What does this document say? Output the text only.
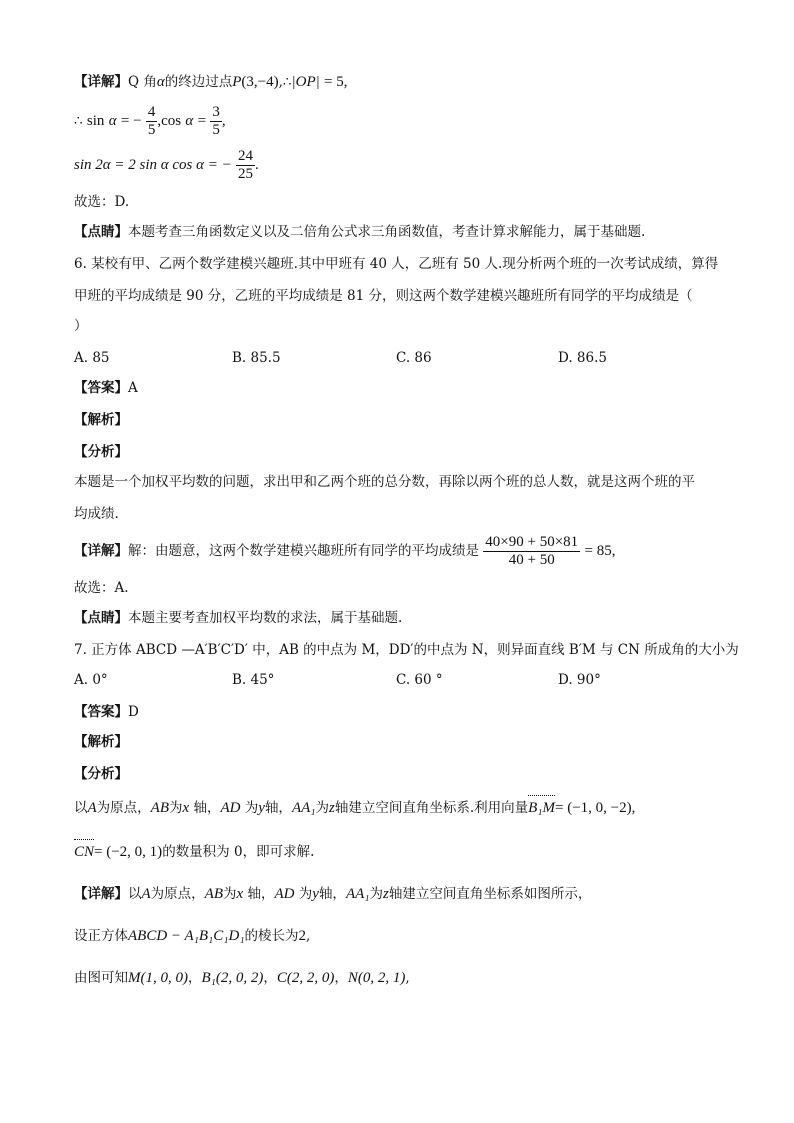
【详解】Q 角α的终边过点P(3,−4),∴|OP| = 5,
∴ sin α = − $\frac{4}{5} ,\cos$ $\alpha = \frac{3}{5}$ ,
sin 2α = 2 sin α cos α = − $\frac{24}{25}$ .
故选：D.
【点睛】本题考查三角函数定义以及二倍角公式求三角函数值，考查计算求解能力，属于基础题.
6. 某校有甲、乙两个数学建模兴趣班.其中甲班有 40 人，乙班有 50 人.现分析两个班的一次考试成绩，算得
甲班的平均成绩是 90 分，乙班的平均成绩是 81 分，则这两个数学建模兴趣班所有同学的平均成绩是（
）
A. 85	B. 85.5	C. 86	D. 86.5
【答案】A
【解析】
【分析】
本题是一个加权平均数的问题，求出甲和乙两个班的总分数，再除以两个班的总人数，就是这两个班的平
均成绩.
【详解】解：由题意，这两个数学建模兴趣班所有同学的平均成绩是 $\frac{40\times 90 + 50\times 81}{40 + 50} = 85$,
故选：A.
【点睛】本题主要考查加权平均数的求法，属于基础题.
7. 正方体 ABCD —A′B′C′D′ 中，AB 的中点为 M，DD′的中点为 N，则异面直线 B′M 与 CN 所成角的大小为
A. 0°	B. 45°	C. 60 °	D. 90°
【答案】D
【解析】
【分析】
以A为原点，AB为x 轴，AD 为y轴，AA₁为z轴建立空间直角坐标系.利用向量B₁M= (−1, 0, −2),
CN= (−2, 0, 1)的数量积为 0，即可求解.
【详解】以A为原点，AB为x 轴，AD 为y轴，AA₁为z轴建立空间直角坐标系如图所示，
设正方体ABCD − A₁B₁C₁D₁的棱长为2,
由图可知M(1, 0, 0)，B₁(2, 0, 2)，C(2, 2, 0)，N(0, 2, 1),
